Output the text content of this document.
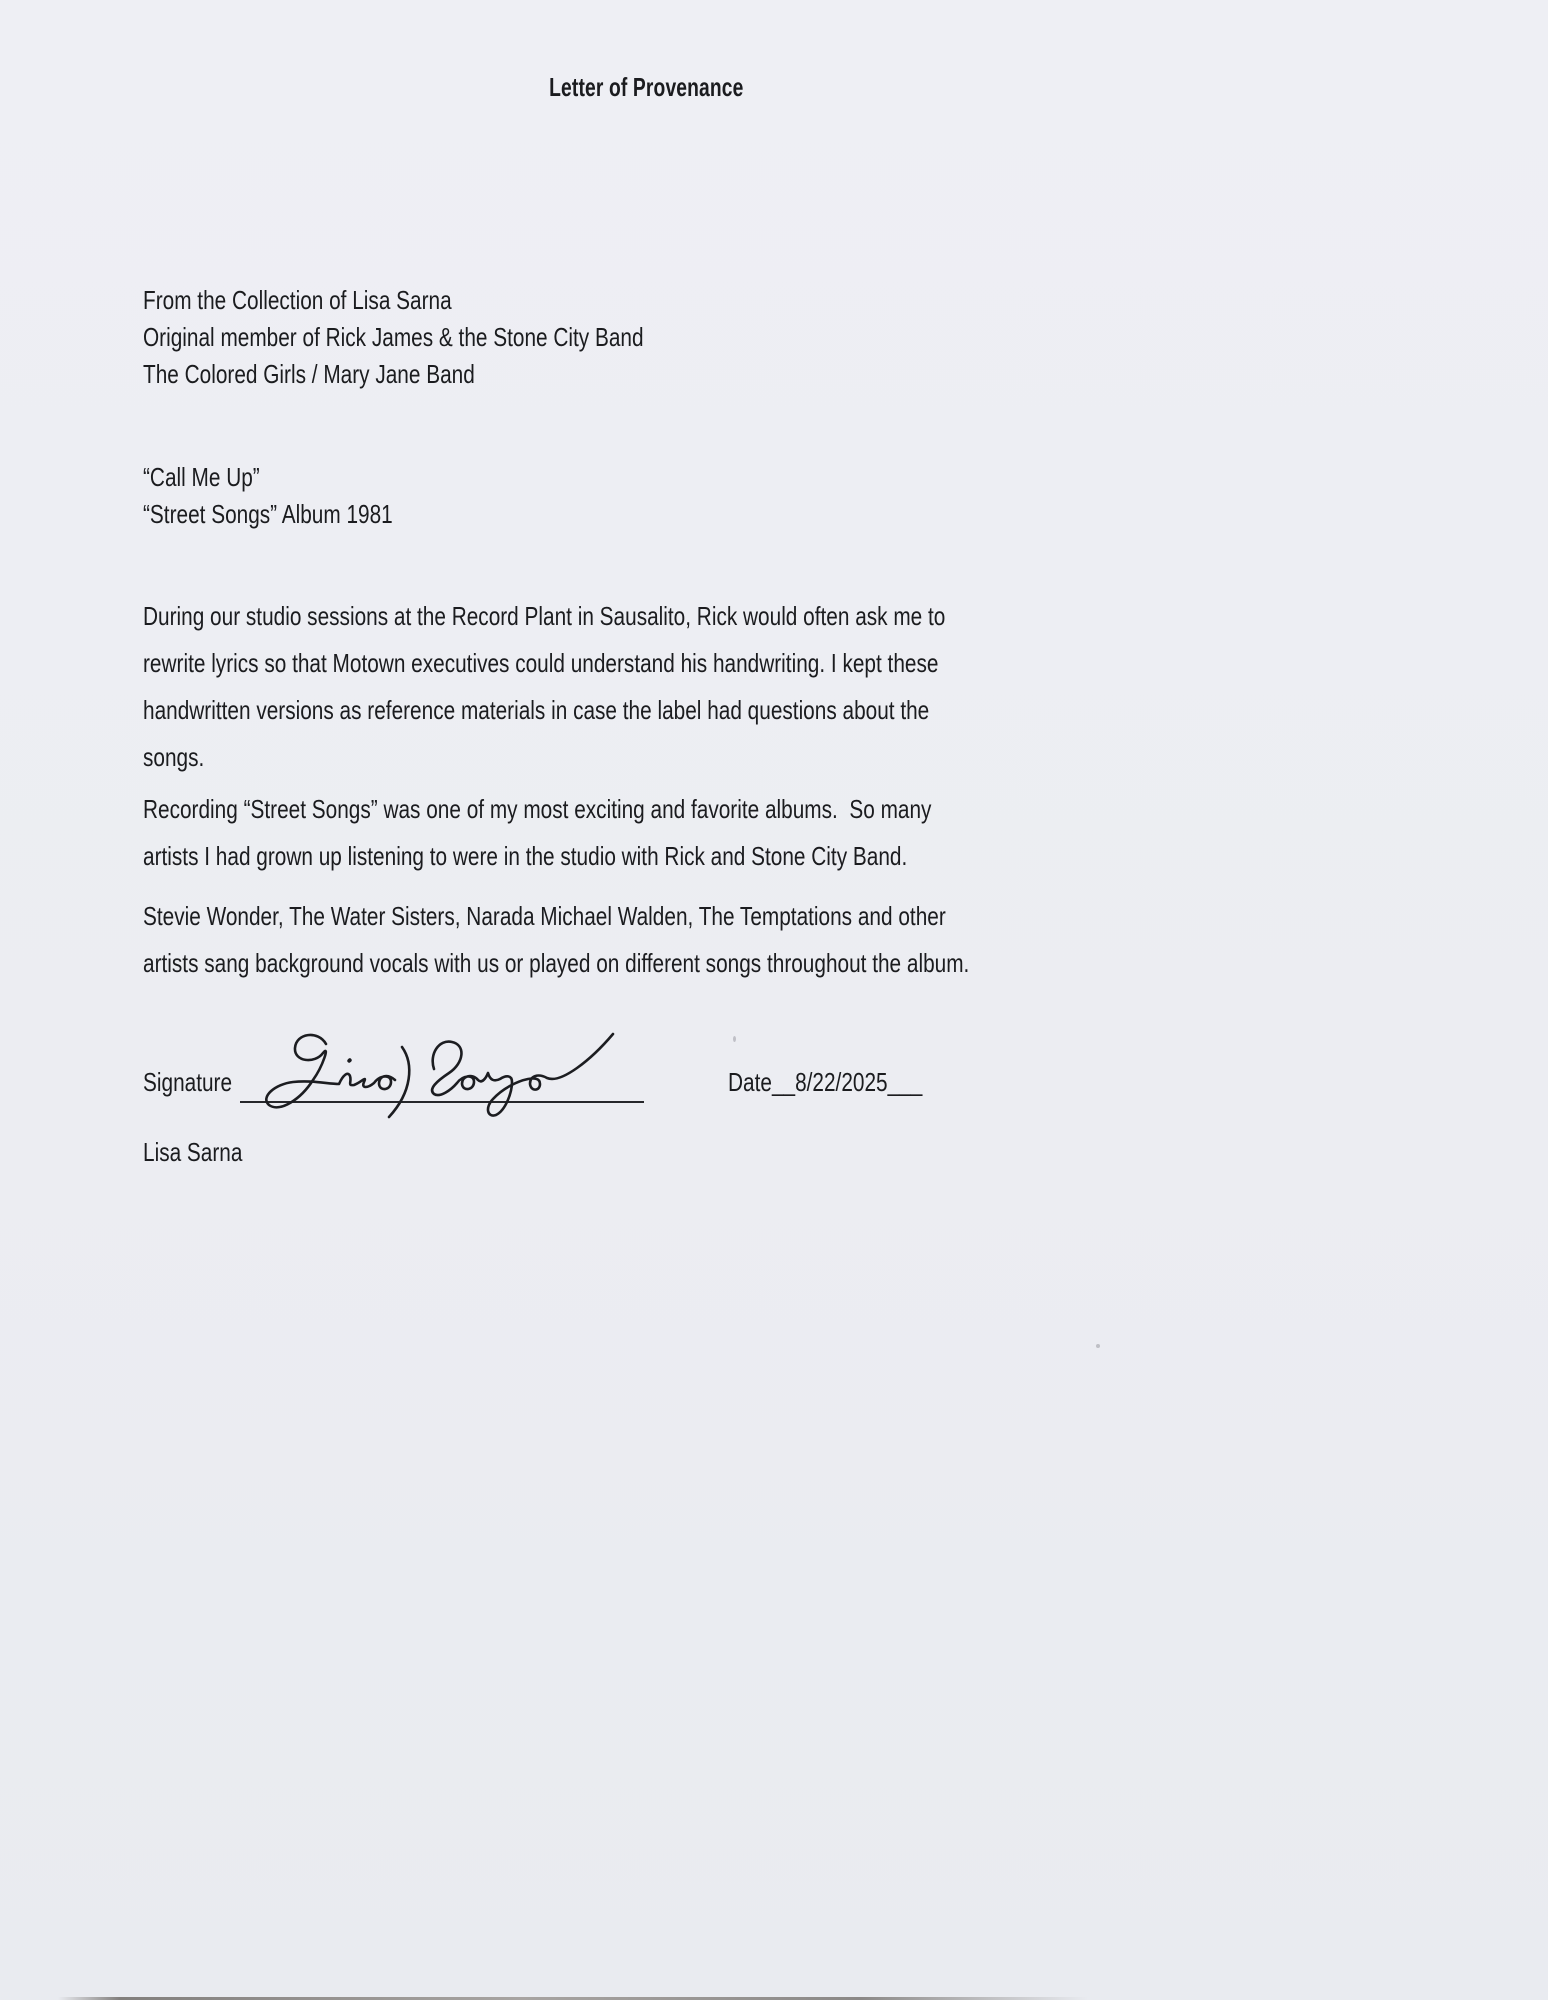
Letter of Provenance
From the Collection of Lisa Sarna
Original member of Rick James & the Stone City Band
The Colored Girls / Mary Jane Band
“Call Me Up”
“Street Songs” Album 1981
During our studio sessions at the Record Plant in Sausalito, Rick would often ask me to
rewrite lyrics so that Motown executives could understand his handwriting. I kept these
handwritten versions as reference materials in case the label had questions about the
songs.
Recording “Street Songs” was one of my most exciting and favorite albums.  So many
artists I had grown up listening to were in the studio with Rick and Stone City Band.
Stevie Wonder, The Water Sisters, Narada Michael Walden, The Temptations and other
artists sang background vocals with us or played on different songs throughout the album.
Signature	Date__8/22/2025___
Lisa Sarna
